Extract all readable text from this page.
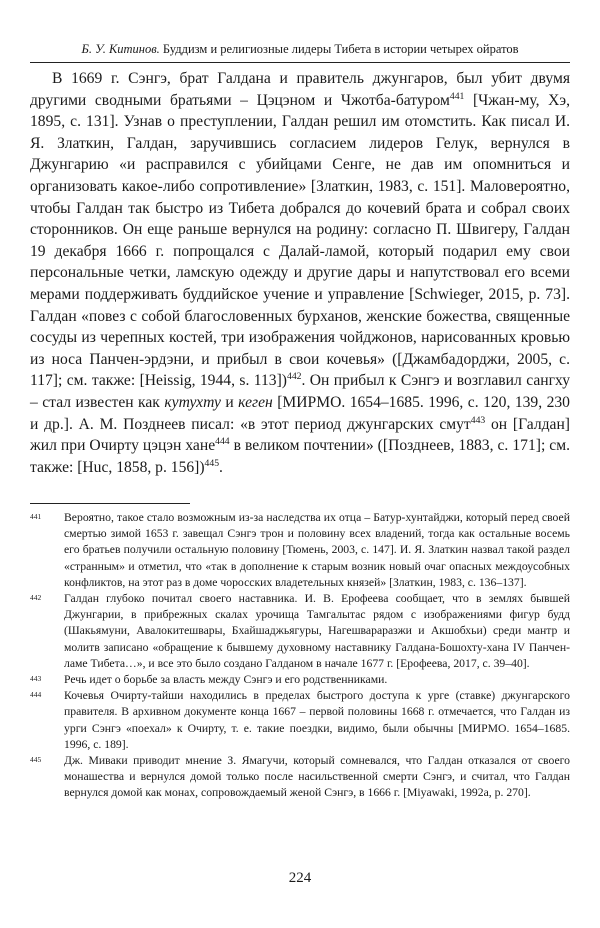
Б. У. Китинов. Буддизм и религиозные лидеры Тибета в истории четырех ойратов

В 1669 г. Сэнгэ, брат Галдана и правитель джунгаров, был убит двумя другими сводными братьями – Цэцэном и Чжотба-батуром$^{441}$ [Чжан-му, Хэ, 1895, с. 131]. Узнав о преступлении, Галдан решил им отомстить. Как писал И. Я. Златкин, Галдан, заручившись согласием лидеров Гелук, вернулся в Джунгарию «и расправился с убийцами Сенге, не дав им опомниться и организовать какое-либо сопротивление» [Златкин, 1983, с. 151]. Маловероятно, чтобы Галдан так быстро из Тибета добрался до кочевий брата и собрал своих сторонников. Он еще раньше вернулся на родину: согласно П. Швигеру, Галдан 19 декабря 1666 г. попрощался с Далай-ламой, который подарил ему свои персональные четки, ламскую одежду и другие дары и напутствовал его всеми мерами поддерживать буддийское учение и управление [Schwieger, 2015, p. 73]. Галдан «повез с собой благословенных бурханов, женские божества, священные сосуды из черепных костей, три изображения чойджонов, нарисованных кровью из носа Панчен-эрдэни, и прибыл в свои кочевья» ([Джамбадорджи, 2005, с. 117]; см. также: [Heissig, 1944, s. 113])$^{442}$. Он прибыл к Сэнгэ и возглавил сангху – стал известен как кутухту и кеген [МИРМО. 1654–1685. 1996, с. 120, 139, 230 и др.]. А. М. Позднеев писал: «в этот период джунгарских смут$^{443}$ он [Галдан] жил при Очирту цэцэн хане$^{444}$ в великом почтении» ([Позднеев, 1883, с. 171]; см. также: [Huc, 1858, p. 156])$^{445}$.

441	Вероятно, такое стало возможным из-за наследства их отца – Батур-хунтайджи, который перед своей смертью зимой 1653 г. завещал Сэнгэ трон и половину всех владений, тогда как остальные восемь его братьев получили остальную половину [Тюмень, 2003, с. 147]. И. Я. Златкин назвал такой раздел «странным» и отметил, что «так в дополнение к старым возник новый очаг опасных междоусобных конфликтов, на этот раз в доме чоросских владетельных князей» [Златкин, 1983, с. 136–137].
442	Галдан глубоко почитал своего наставника. И. В. Ерофеева сообщает, что в землях бывшей Джунгарии, в прибрежных скалах урочища Тамгалытас рядом с изображениями фигур будд (Шакьямуни, Авалокитешвары, Бхайшаджьягуры, Нагешвараразжи и Акшобхьи) среди мантр и молитв записано «обращение к бывшему духовному наставнику Галдана-Бошохту-хана IV Панчен-ламе Тибета…», и все это было создано Галданом в начале 1677 г. [Ерофеева, 2017, с. 39–40].
443	Речь идет о борьбе за власть между Сэнгэ и его родственниками.
444	Кочевья Очирту-тайши находились в пределах быстрого доступа к урге (ставке) джунгарского правителя. В архивном документе конца 1667 – первой половины 1668 г. отмечается, что Галдан из урги Сэнгэ «поехал» к Очирту, т. е. такие поездки, видимо, были обычны [МИРМО. 1654–1685. 1996, с. 189].
445	Дж. Миваки приводит мнение З. Ямагучи, который сомневался, что Галдан отказался от своего монашества и вернулся домой только после насильственной смерти Сэнгэ, и считал, что Галдан вернулся домой как монах, сопровождаемый женой Сэнгэ, в 1666 г. [Miyawaki, 1992a, p. 270].
224
